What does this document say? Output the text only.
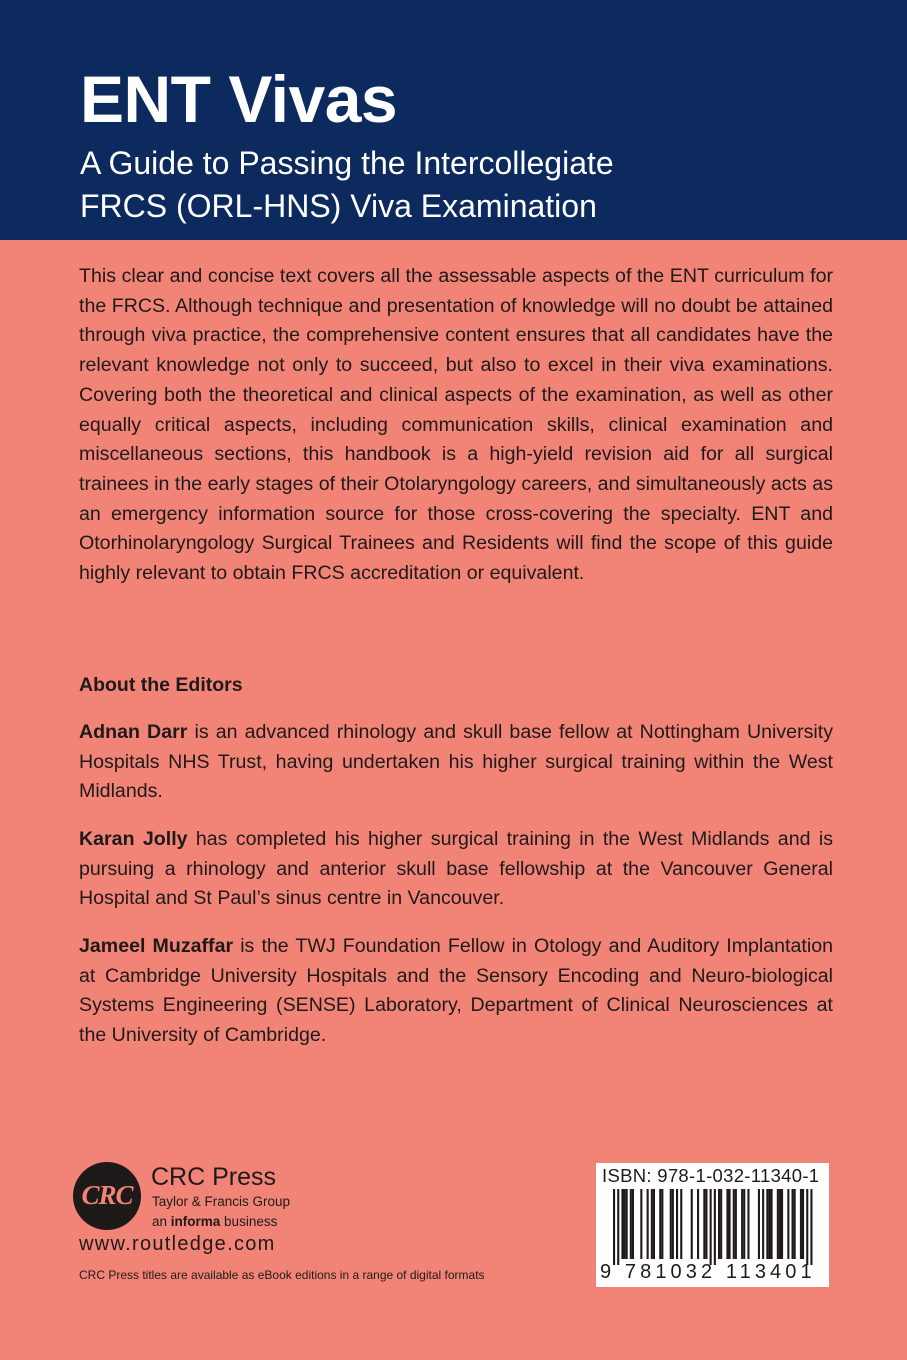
ENT Vivas
A Guide to Passing the Intercollegiate
FRCS (ORL-HNS) Viva Examination

This clear and concise text covers all the assessable aspects of the ENT curriculum for the FRCS. Although technique and presentation of knowledge will no doubt be attained through viva practice, the comprehensive content ensures that all candidates have the relevant knowledge not only to succeed, but also to excel in their viva examinations. Covering both the theoretical and clinical aspects of the examination, as well as other equally critical aspects, including communication skills, clinical examination and miscellaneous sections, this handbook is a high-yield revision aid for all surgical trainees in the early stages of their Otolaryngology careers, and simultaneously acts as an emergency information source for those cross-covering the specialty. ENT and Otorhinolaryngology Surgical Trainees and Residents will find the scope of this guide highly relevant to obtain FRCS accreditation or equivalent.

About the Editors

Adnan Darr is an advanced rhinology and skull base fellow at Nottingham University Hospitals NHS Trust, having undertaken his higher surgical training within the West Midlands.

Karan Jolly has completed his higher surgical training in the West Midlands and is pursuing a rhinology and anterior skull base fellowship at the Vancouver General Hospital and St Paul’s sinus centre in Vancouver.

Jameel Muzaffar is the TWJ Foundation Fellow in Otology and Auditory Implantation at Cambridge University Hospitals and the Sensory Encoding and Neuro-biological Systems Engineering (SENSE) Laboratory, Department of Clinical Neurosciences at the University of Cambridge.

CRC
CRC Press
Taylor & Francis Group
an informa business
www.routledge.com
CRC Press titles are available as eBook editions in a range of digital formats
ISBN: 978-1-032-11340-1
9 781032 113401
